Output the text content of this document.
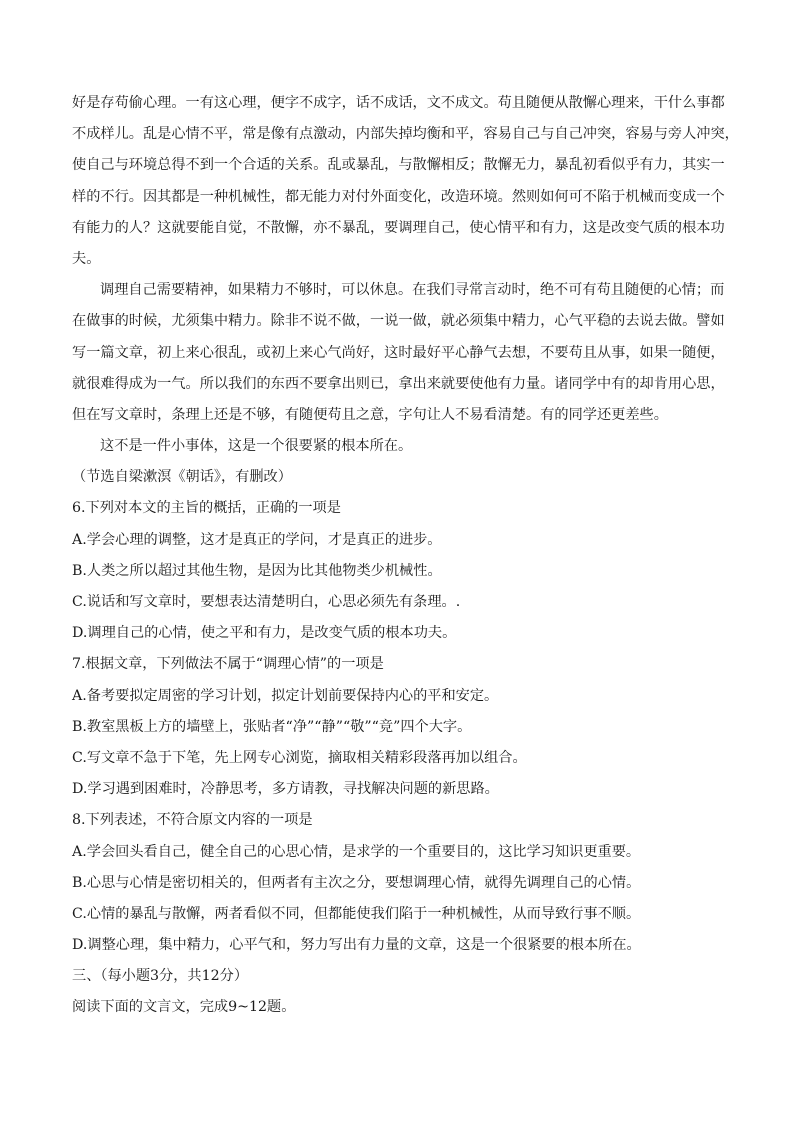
好是存苟偷心理。一有这心理，便字不成字，话不成话，文不成文。苟且随便从散懈心理来，干什么事都
不成样儿。乱是心情不平，常是像有点激动，内部失掉均衡和平，容易自己与自己冲突，容易与旁人冲突，
使自己与环境总得不到一个合适的关系。乱或暴乱，与散懈相反；散懈无力，暴乱初看似乎有力，其实一
样的不行。因其都是一种机械性，都无能力对付外面变化，改造环境。然则如何可不陷于机械而变成一个
有能力的人？这就要能自觉，不散懈，亦不暴乱，要调理自己，使心情平和有力，这是改变气质的根本功
夫。
调理自己需要精神，如果精力不够时，可以休息。在我们寻常言动时，绝不可有苟且随便的心情；而
在做事的时候，尤须集中精力。除非不说不做，一说一做，就必须集中精力，心气平稳的去说去做。譬如
写一篇文章，初上来心很乱，或初上来心气尚好，这时最好平心静气去想，不要苟且从事，如果一随便，
就很难得成为一气。所以我们的东西不要拿出则已，拿出来就要使他有力量。诸同学中有的却肯用心思，
但在写文章时，条理上还是不够，有随便苟且之意，字句让人不易看清楚。有的同学还更差些。
这不是一件小事体，这是一个很要紧的根本所在。
（节选自梁漱溟《朝话》，有删改）
6.下列对本文的主旨的概括，正确的一项是
A.学会心理的调整，这才是真正的学问，才是真正的进步。
B.人类之所以超过其他生物，是因为比其他物类少机械性。
C.说话和写文章时，要想表达清楚明白，心思必须先有条理。.
D.调理自己的心情，使之平和有力，是改变气质的根本功夫。
7.根据文章，下列做法不属于“调理心情”的一项是
A.备考要拟定周密的学习计划，拟定计划前要保持内心的平和安定。
B.教室黑板上方的墙壁上，张贴者“净”“静”“敬”“竞”四个大字。
C.写文章不急于下笔，先上网专心浏览，摘取相关精彩段落再加以组合。
D.学习遇到困难时，冷静思考，多方请教，寻找解决问题的新思路。
8.下列表述，不符合原文内容的一项是
A.学会回头看自己，健全自己的心思心情，是求学的一个重要目的，这比学习知识更重要。
B.心思与心情是密切相关的，但两者有主次之分，要想调理心情，就得先调理自己的心情。
C.心情的暴乱与散懈，两者看似不同，但都能使我们陷于一种机械性，从而导致行事不顺。
D.调整心理，集中精力，心平气和，努力写出有力量的文章，这是一个很紧要的根本所在。
三、（每小题3分，共12分）
阅读下面的文言文，完成9~12题。
